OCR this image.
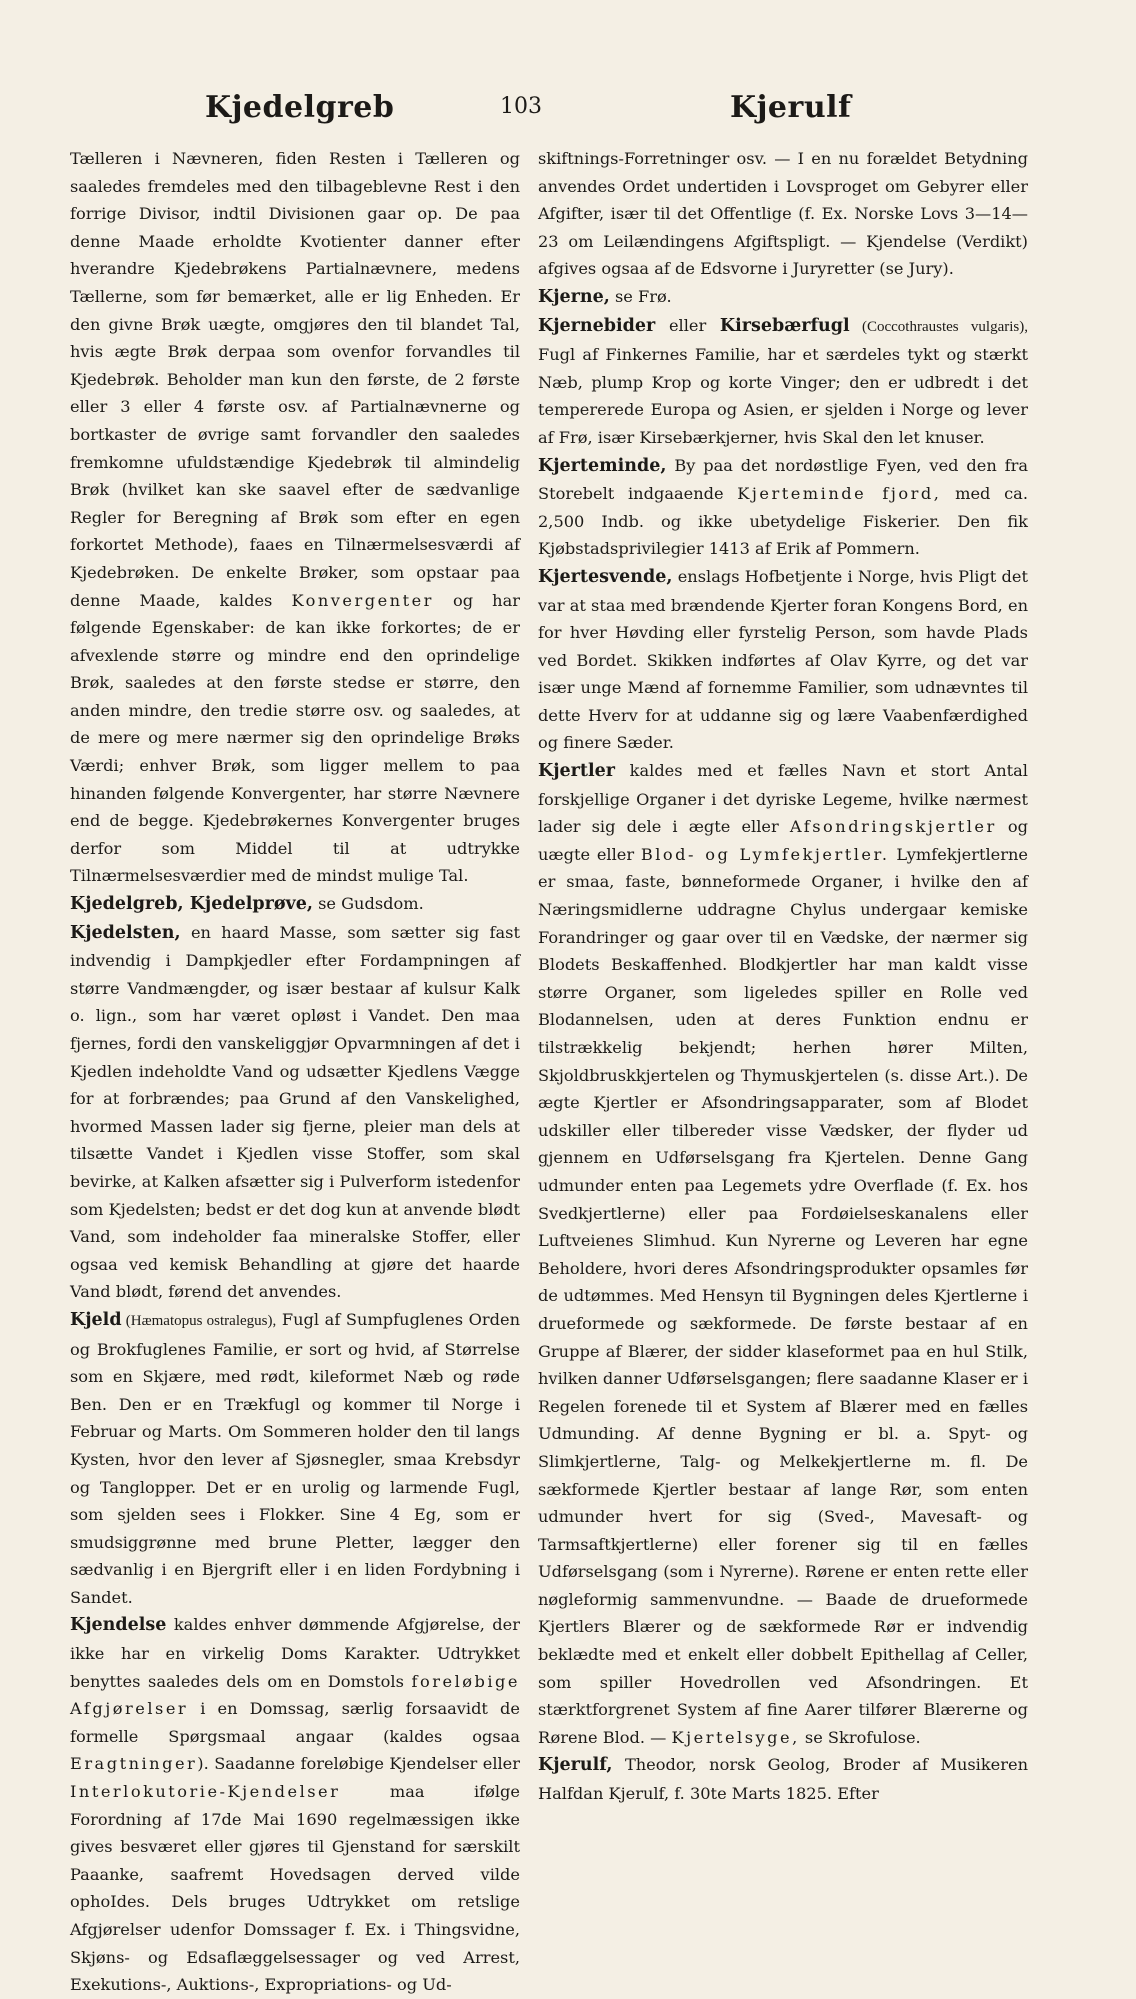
Kjedelgreb	103	Kjerulf

Tælleren i Nævneren, fiden Resten i Tælleren og saaledes fremdeles med den tilbageblevne Rest i den forrige Divisor, indtil Divisionen gaar op. De paa denne Maade erholdte Kvotienter danner efter hverandre Kjedebrøkens Partialnævnere, medens Tællerne, som før bemærket, alle er lig Enheden. Er den givne Brøk uægte, omgjøres den til blandet Tal, hvis ægte Brøk derpaa som ovenfor forvandles til Kjedebrøk. Beholder man kun den første, de 2 første eller 3 eller 4 første osv. af Partialnævnerne og bortkaster de øvrige samt forvandler den saaledes fremkomne ufuldstændige Kjedebrøk til almindelig Brøk (hvilket kan ske saavel efter de sædvanlige Regler for Beregning af Brøk som efter en egen forkortet Methode), faaes en Tilnærmelsesværdi af Kjedebrøken. De enkelte Brøker, som opstaar paa denne Maade, kaldes Konvergenter og har følgende Egenskaber: de kan ikke forkortes; de er afvexlende større og mindre end den oprindelige Brøk, saaledes at den første stedse er større, den anden mindre, den tredie større osv. og saaledes, at de mere og mere nærmer sig den oprindelige Brøks Værdi; enhver Brøk, som ligger mellem to paa hinanden følgende Konvergenter, har større Nævnere end de begge. Kjedebrøkernes Konvergenter bruges derfor som Middel til at udtrykke Tilnærmelsesværdier med de mindst mulige Tal.

Kjedelgreb, Kjedelprøve, se Gudsdom.

Kjedelsten, en haard Masse, som sætter sig fast indvendig i Dampkjedler efter Fordampningen af større Vandmængder, og især bestaar af kulsur Kalk o. lign., som har været opløst i Vandet. Den maa fjernes, fordi den vanskeliggjør Opvarmningen af det i Kjedlen indeholdte Vand og udsætter Kjedlens Vægge for at forbrændes; paa Grund af den Vanskelighed, hvormed Massen lader sig fjerne, pleier man dels at tilsætte Vandet i Kjedlen visse Stoffer, som skal bevirke, at Kalken afsætter sig i Pulverform istedenfor som Kjedelsten; bedst er det dog kun at anvende blødt Vand, som indeholder faa mineralske Stoffer, eller ogsaa ved kemisk Behandling at gjøre det haarde Vand blødt, førend det anvendes.

Kjeld (Hæmatopus ostralegus), Fugl af Sumpfuglenes Orden og Brokfuglenes Familie, er sort og hvid, af Størrelse som en Skjære, med rødt, kileformet Næb og røde Ben. Den er en Trækfugl og kommer til Norge i Februar og Marts. Om Sommeren holder den til langs Kysten, hvor den lever af Sjøsnegler, smaa Krebsdyr og Tanglopper. Det er en urolig og larmende Fugl, som sjelden sees i Flokker. Sine 4 Eg, som er smudsiggrønne med brune Pletter, lægger den sædvanlig i en Bjergrift eller i en liden Fordybning i Sandet.

Kjendelse kaldes enhver dømmende Afgjørelse, der ikke har en virkelig Doms Karakter. Udtrykket benyttes saaledes dels om en Domstols foreløbige Afgjørelser i en Domssag, særlig forsaavidt de formelle Spørgsmaal angaar (kaldes ogsaa Eragtninger). Saadanne foreløbige Kjendelser eller Interlokutorie-Kjendelser maa ifølge Forordning af 17de Mai 1690 regelmæssigen ikke gives besværet eller gjøres til Gjenstand for særskilt Paaanke, saafremt Hovedsagen derved vilde ophoIdes. Dels bruges Udtrykket om retslige Afgjørelser udenfor Domssager f. Ex. i Thingsvidne, Skjøns- og Edsaflæggelsessager og ved Arrest, Exekutions-, Auktions-, Expropriations- og Ud-

skiftnings-Forretninger osv. — I en nu forældet Betydning anvendes Ordet undertiden i Lovsproget om Gebyrer eller Afgifter, især til det Offentlige (f. Ex. Norske Lovs 3—14—23 om Leilændingens Afgiftspligt. — Kjendelse (Verdikt) afgives ogsaa af de Edsvorne i Juryretter (se Jury).

Kjerne, se Frø.

Kjernebider eller Kirsebærfugl (Coccothraustes vulgaris), Fugl af Finkernes Familie, har et særdeles tykt og stærkt Næb, plump Krop og korte Vinger; den er udbredt i det tempererede Europa og Asien, er sjelden i Norge og lever af Frø, især Kirsebærkjerner, hvis Skal den let knuser.

Kjerteminde, By paa det nordøstlige Fyen, ved den fra Storebelt indgaaende Kjerteminde fjord, med ca. 2,500 Indb. og ikke ubetydelige Fiskerier. Den fik Kjøbstadsprivilegier 1413 af Erik af Pommern.

Kjertesvende, enslags Hofbetjente i Norge, hvis Pligt det var at staa med brændende Kjerter foran Kongens Bord, en for hver Høvding eller fyrstelig Person, som havde Plads ved Bordet. Skikken indførtes af Olav Kyrre, og det var især unge Mænd af fornemme Familier, som udnævntes til dette Hverv for at uddanne sig og lære Vaabenfærdighed og finere Sæder.

Kjertler kaldes med et fælles Navn et stort Antal forskjellige Organer i det dyriske Legeme, hvilke nærmest lader sig dele i ægte eller Afsondringskjertler og uægte eller Blod- og Lymfekjertler. Lymfekjertlerne er smaa, faste, bønneformede Organer, i hvilke den af Næringsmidlerne uddragne Chylus undergaar kemiske Forandringer og gaar over til en Vædske, der nærmer sig Blodets Beskaffenhed. Blodkjertler har man kaldt visse større Organer, som ligeledes spiller en Rolle ved Blodannelsen, uden at deres Funktion endnu er tilstrækkelig bekjendt; herhen hører Milten, Skjoldbruskkjertelen og Thymuskjertelen (s. disse Art.). De ægte Kjertler er Afsondringsapparater, som af Blodet udskiller eller tilbereder visse Vædsker, der flyder ud gjennem en Udførselsgang fra Kjertelen. Denne Gang udmunder enten paa Legemets ydre Overflade (f. Ex. hos Svedkjertlerne) eller paa Fordøielseskanalens eller Luftveienes Slimhud. Kun Nyrerne og Leveren har egne Beholdere, hvori deres Afsondringsprodukter opsamles før de udtømmes. Med Hensyn til Bygningen deles Kjertlerne i drueformede og sækformede. De første bestaar af en Gruppe af Blærer, der sidder klaseformet paa en hul Stilk, hvilken danner Udførselsgangen; flere saadanne Klaser er i Regelen forenede til et System af Blærer med en fælles Udmunding. Af denne Bygning er bl. a. Spyt- og Slimkjertlerne, Talg- og Melkekjertlerne m. fl. De sækformede Kjertler bestaar af lange Rør, som enten udmunder hvert for sig (Sved-, Mavesaft- og Tarmsaftkjertlerne) eller forener sig til en fælles Udførselsgang (som i Nyrerne). Rørene er enten rette eller nøgleformig sammenvundne. — Baade de drueformede Kjertlers Blærer og de sækformede Rør er indvendig beklædte med et enkelt eller dobbelt Epithellag af Celler, som spiller Hovedrollen ved Afsondringen. Et stærktforgrenet System af fine Aarer tilfører Blærerne og Rørene Blod. — Kjertelsyge, se Skrofulose.

Kjerulf, Theodor, norsk Geolog, Broder af Musikeren Halfdan Kjerulf, f. 30te Marts 1825. Efter
